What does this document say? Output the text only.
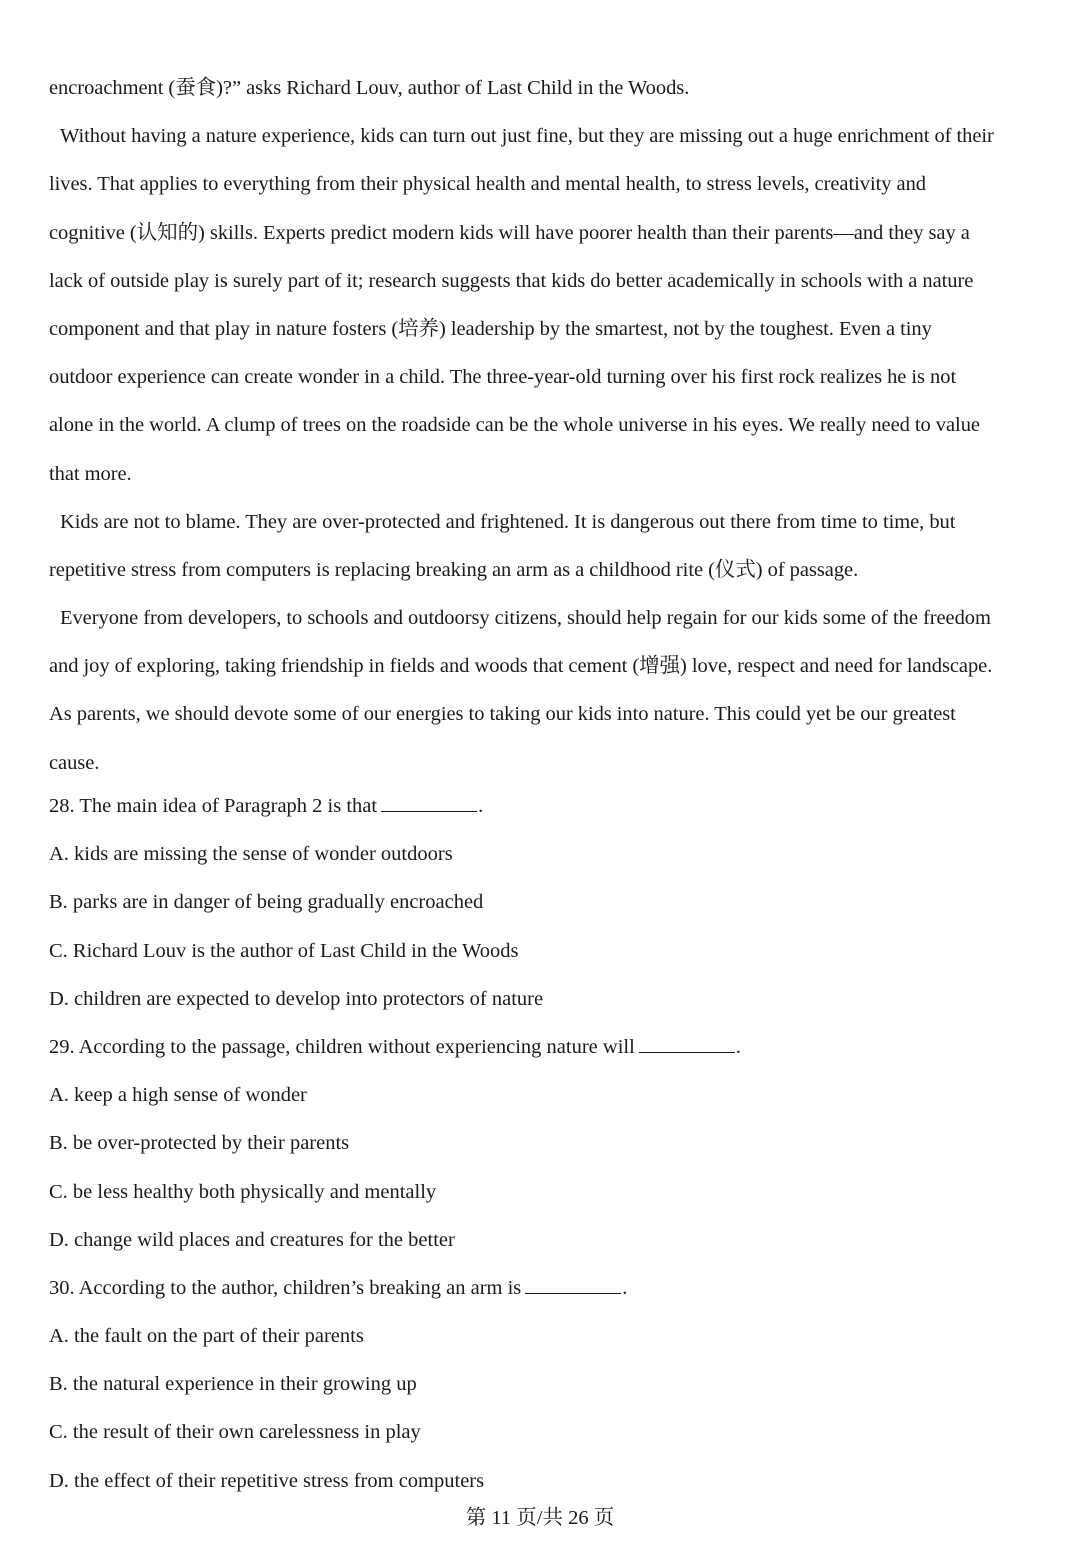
encroachment (蚕食)?” asks Richard Louv, author of Last Child in the Woods.
Without having a nature experience, kids can turn out just fine, but they are missing out a huge enrichment of their
lives. That applies to everything from their physical health and mental health, to stress levels, creativity and
cognitive (认知的) skills. Experts predict modern kids will have poorer health than their parents—and they say a
lack of outside play is surely part of it; research suggests that kids do better academically in schools with a nature
component and that play in nature fosters (培养) leadership by the smartest, not by the toughest. Even a tiny
outdoor experience can create wonder in a child. The three-year-old turning over his first rock realizes he is not
alone in the world. A clump of trees on the roadside can be the whole universe in his eyes. We really need to value
that more.
Kids are not to blame. They are over-protected and frightened. It is dangerous out there from time to time, but
repetitive stress from computers is replacing breaking an arm as a childhood rite (仪式) of passage.
Everyone from developers, to schools and outdoorsy citizens, should help regain for our kids some of the freedom
and joy of exploring, taking friendship in fields and woods that cement (增强) love, respect and need for landscape.
As parents, we should devote some of our energies to taking our kids into nature. This could yet be our greatest
cause.
28. The main idea of Paragraph 2 is that	.
A. kids are missing the sense of wonder outdoors
B. parks are in danger of being gradually encroached
C. Richard Louv is the author of Last Child in the Woods
D. children are expected to develop into protectors of nature
29. According to the passage, children without experiencing nature will	.
A. keep a high sense of wonder
B. be over-protected by their parents
C. be less healthy both physically and mentally
D. change wild places and creatures for the better
30. According to the author, children’s breaking an arm is	.
A. the fault on the part of their parents
B. the natural experience in their growing up
C. the result of their own carelessness in play
D. the effect of their repetitive stress from computers
第 11 页/共 26 页
